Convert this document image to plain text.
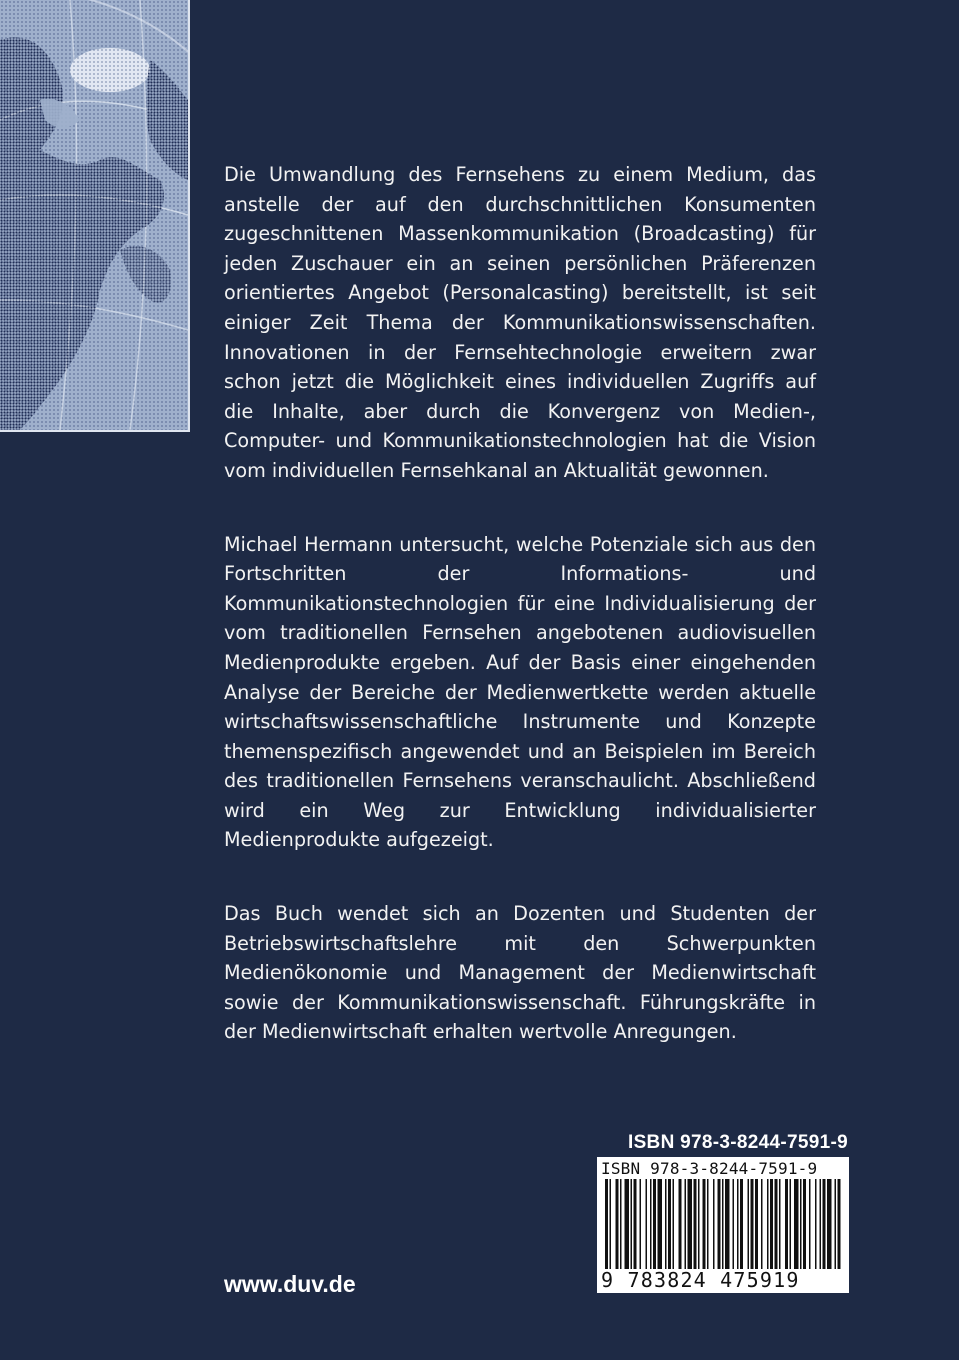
Die Umwandlung des Fernsehens zu einem Medium, das anstelle der auf den durchschnittlichen Konsumenten zugeschnittenen Massenkommunikation (Broadcasting) für jeden Zuschauer ein an seinen persönlichen Präferenzen orientiertes Angebot (Personalcasting) bereitstellt, ist seit einiger Zeit Thema der Kommunikationswissenschaften. Innovationen in der Fernsehtechnologie erweitern zwar schon jetzt die Möglichkeit eines individuellen Zugriffs auf die Inhalte, aber durch die Konvergenz von Medien-, Computer- und Kommunikationstechnologien hat die Vision vom individuellen Fernsehkanal an Aktualität gewonnen.

Michael Hermann untersucht, welche Potenziale sich aus den Fortschritten der Informations- und Kommunikationstechnologien für eine Individualisierung der vom traditionellen Fernsehen angebotenen audiovisuellen Medienprodukte ergeben. Auf der Basis einer eingehenden Analyse der Bereiche der Medienwertkette werden aktuelle wirtschaftswissenschaftliche Instrumente und Konzepte themenspezifisch angewendet und an Beispielen im Bereich des traditionellen Fernsehens veranschaulicht. Abschließend wird ein Weg zur Entwicklung individualisierter Medienprodukte aufgezeigt.

Das Buch wendet sich an Dozenten und Studenten der Betriebswirtschaftslehre mit den Schwerpunkten Medienökonomie und Management der Medienwirtschaft sowie der Kommunikationswissenschaft. Führungskräfte in der Medienwirtschaft erhalten wertvolle Anregungen.

ISBN 978-3-8244-7591-9
ISBN 978-3-8244-7591-9
9 783824 475919
www.duv.de
